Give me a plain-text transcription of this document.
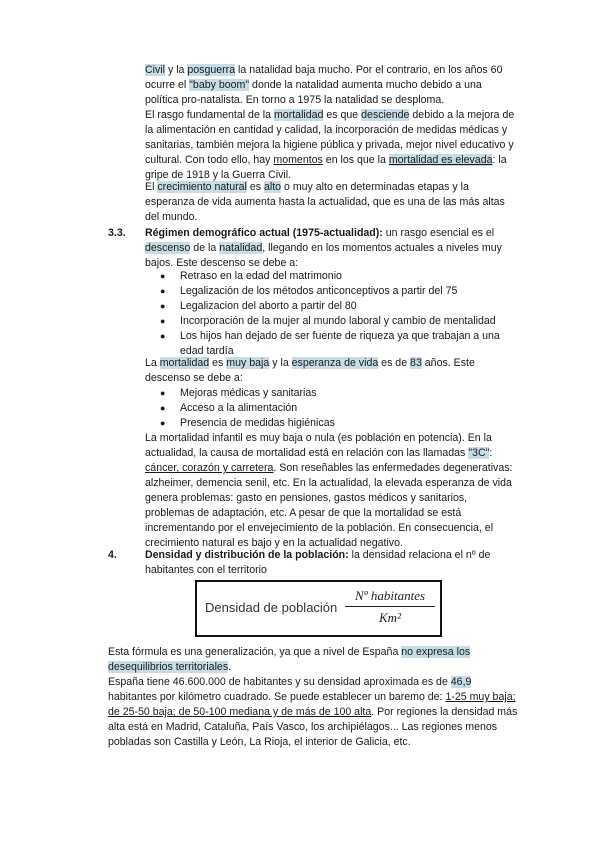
Civil y la posguerra la natalidad baja mucho. Por el contrario, en los años 60 ocurre el "baby boom" donde la natalidad aumenta mucho debido a una política pro-natalista. En torno a 1975 la natalidad se desploma.

El rasgo fundamental de la mortalidad es que desciende debido a la mejora de la alimentación en cantidad y calidad, la incorporación de medidas médicas y sanitarias, también mejora la higiene pública y privada, mejor nivel educativo y cultural. Con todo ello, hay momentos en los que la mortalidad es elevada: la gripe de 1918 y la Guerra Civil.

El crecimiento natural es alto o muy alto en determinadas etapas y la esperanza de vida aumenta hasta la actualidad, que es una de las más altas del mundo.

3.3. Régimen demográfico actual (1975-actualidad): un rasgo esencial es el descenso de la natalidad, llegando en los momentos actuales a niveles muy bajos. Este descenso se debe a:

● Retraso en la edad del matrimonio
● Legalización de los métodos anticonceptivos a partir del 75
● Legalizacion del aborto a partir del 80
● Incorporación de la mujer al mundo laboral y cambio de mentalidad
● Los hijos han dejado de ser fuente de riqueza ya que trabajan a una edad tardía

La mortalidad es muy baja y la esperanza de vida es de 83 años. Este descenso se debe a:

● Mejoras médicas y sanitarias
● Acceso a la alimentación
● Presencia de medidas higiénicas

La mortalidad infantil es muy baja o nula (es población en potencia). En la actualidad, la causa de mortalidad está en relación con las llamadas "3C": cáncer, corazón y carretera. Son reseñables las enfermedades degenerativas: alzheimer, demencia senil, etc. En la actualidad, la elevada esperanza de vida genera problemas: gasto en pensiones, gastos médicos y sanitarios, problemas de adaptación, etc. A pesar de que la mortalidad se está incrementando por el envejecimiento de la población. En consecuencia, el crecimiento natural es bajo y en la actualidad negativo.

4.	Densidad y distribución de la población: la densidad relaciona el nº de habitantes con el territorio

Densidad de población
Nº habitantes
Km²

Esta fórmula es una generalización, ya que a nivel de España no expresa los desequilibrios territoriales.

España tiene 46.600.000 de habitantes y su densidad aproximada es de 46,9 habitantes por kilómetro cuadrado. Se puede establecer un baremo de: 1-25 muy baja; de 25-50 baja; de 50-100 mediana y de más de 100 alta. Por regiones la densidad más alta está en Madrid, Cataluña, País Vasco, los archipiélagos... Las regiones menos pobladas son Castilla y León, La Rioja, el interior de Galicia, etc.
